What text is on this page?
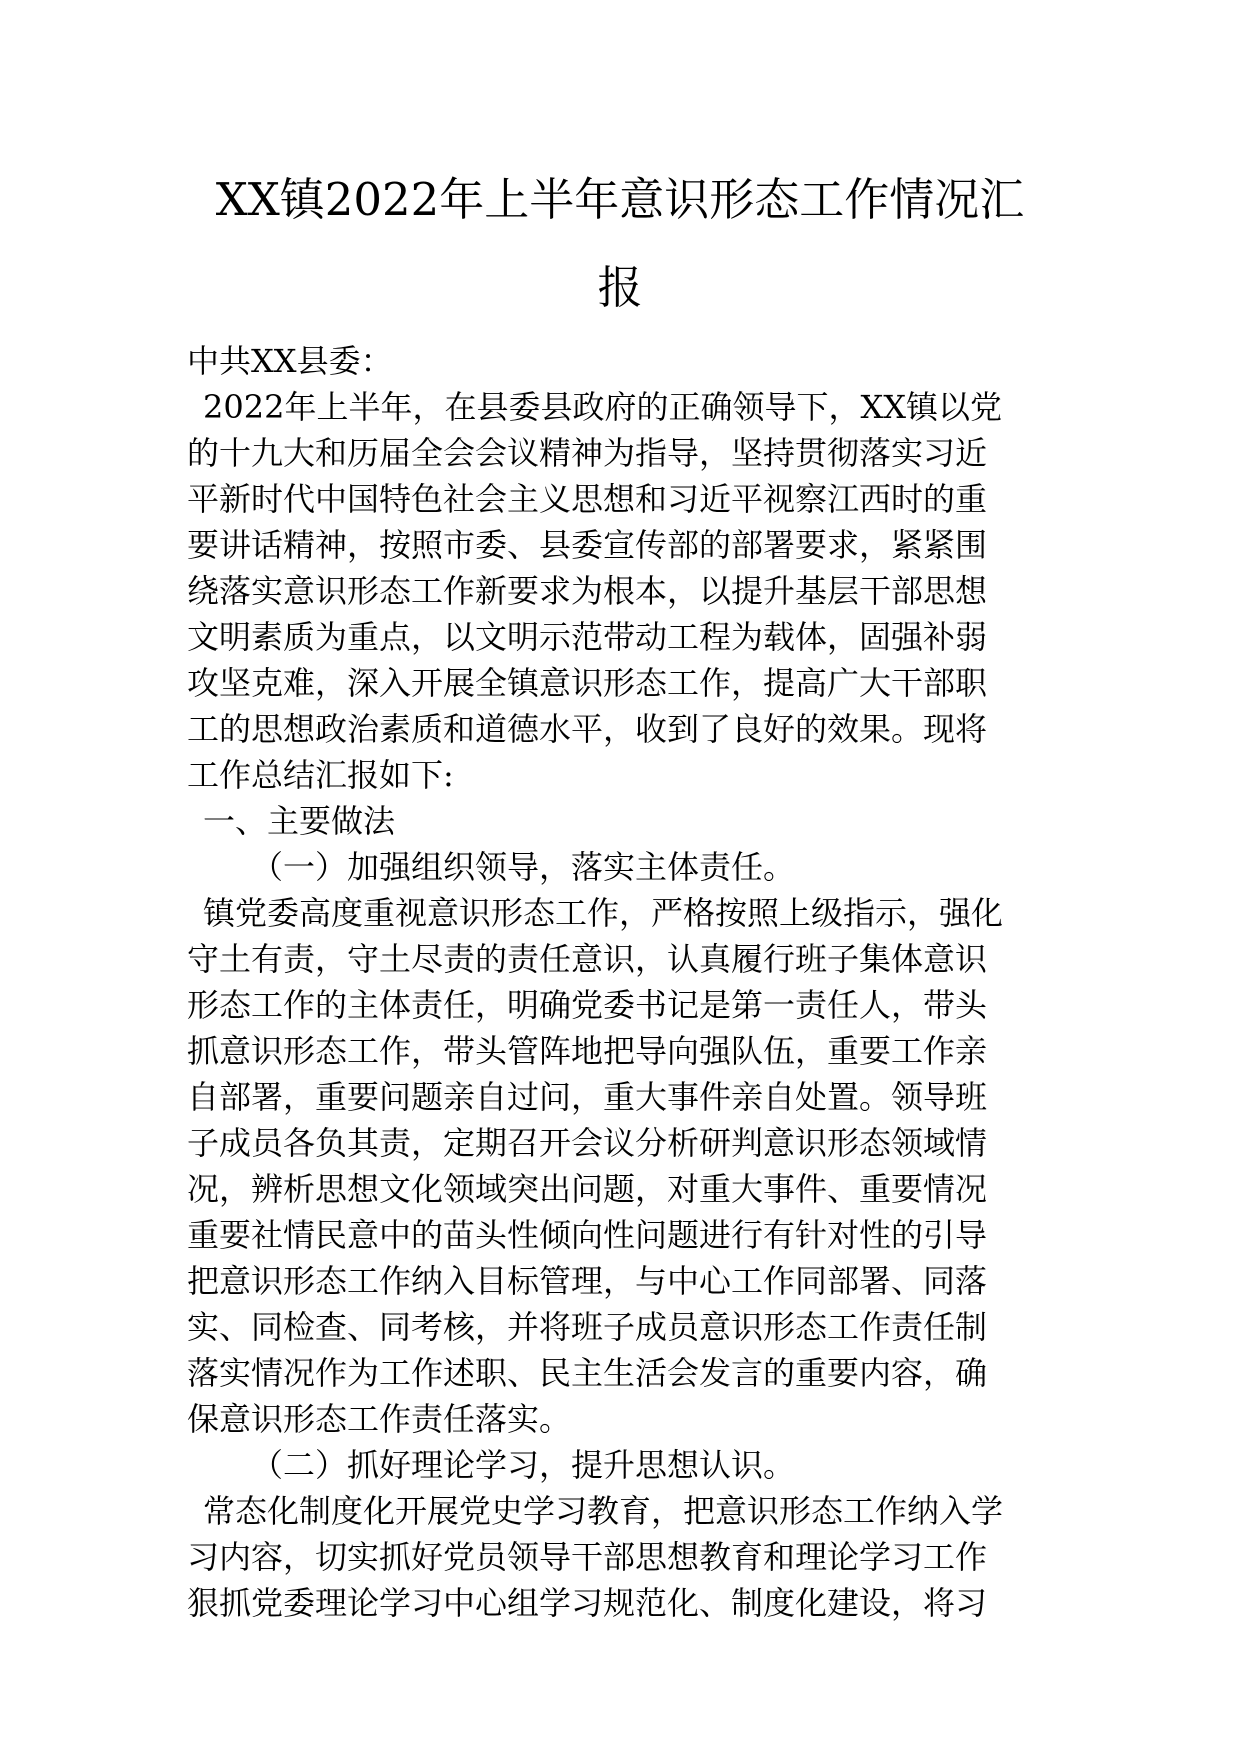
XX镇2022年上半年意识形态工作情况汇
报
中共XX县委：
2022年上半年，在县委县政府的正确领导下，XX镇以党
的十九大和历届全会会议精神为指导，坚持贯彻落实习近
平新时代中国特色社会主义思想和习近平视察江西时的重
要讲话精神，按照市委、县委宣传部的部署要求，紧紧围
绕落实意识形态工作新要求为根本，以提升基层干部思想
文明素质为重点，以文明示范带动工程为载体，固强补弱
攻坚克难，深入开展全镇意识形态工作，提高广大干部职
工的思想政治素质和道德水平，收到了良好的效果。现将
工作总结汇报如下:
一、主要做法
（一）加强组织领导，落实主体责任。
镇党委高度重视意识形态工作，严格按照上级指示，强化
守土有责，守土尽责的责任意识，认真履行班子集体意识
形态工作的主体责任，明确党委书记是第一责任人，带头
抓意识形态工作，带头管阵地把导向强队伍，重要工作亲
自部署，重要问题亲自过问，重大事件亲自处置。领导班
子成员各负其责，定期召开会议分析研判意识形态领域情
况，辨析思想文化领域突出问题，对重大事件、重要情况
重要社情民意中的苗头性倾向性问题进行有针对性的引导
把意识形态工作纳入目标管理，与中心工作同部署、同落
实、同检查、同考核，并将班子成员意识形态工作责任制
落实情况作为工作述职、民主生活会发言的重要内容，确
保意识形态工作责任落实。
（二）抓好理论学习，提升思想认识。
常态化制度化开展党史学习教育，把意识形态工作纳入学
习内容，切实抓好党员领导干部思想教育和理论学习工作
狠抓党委理论学习中心组学习规范化、制度化建设，将习
